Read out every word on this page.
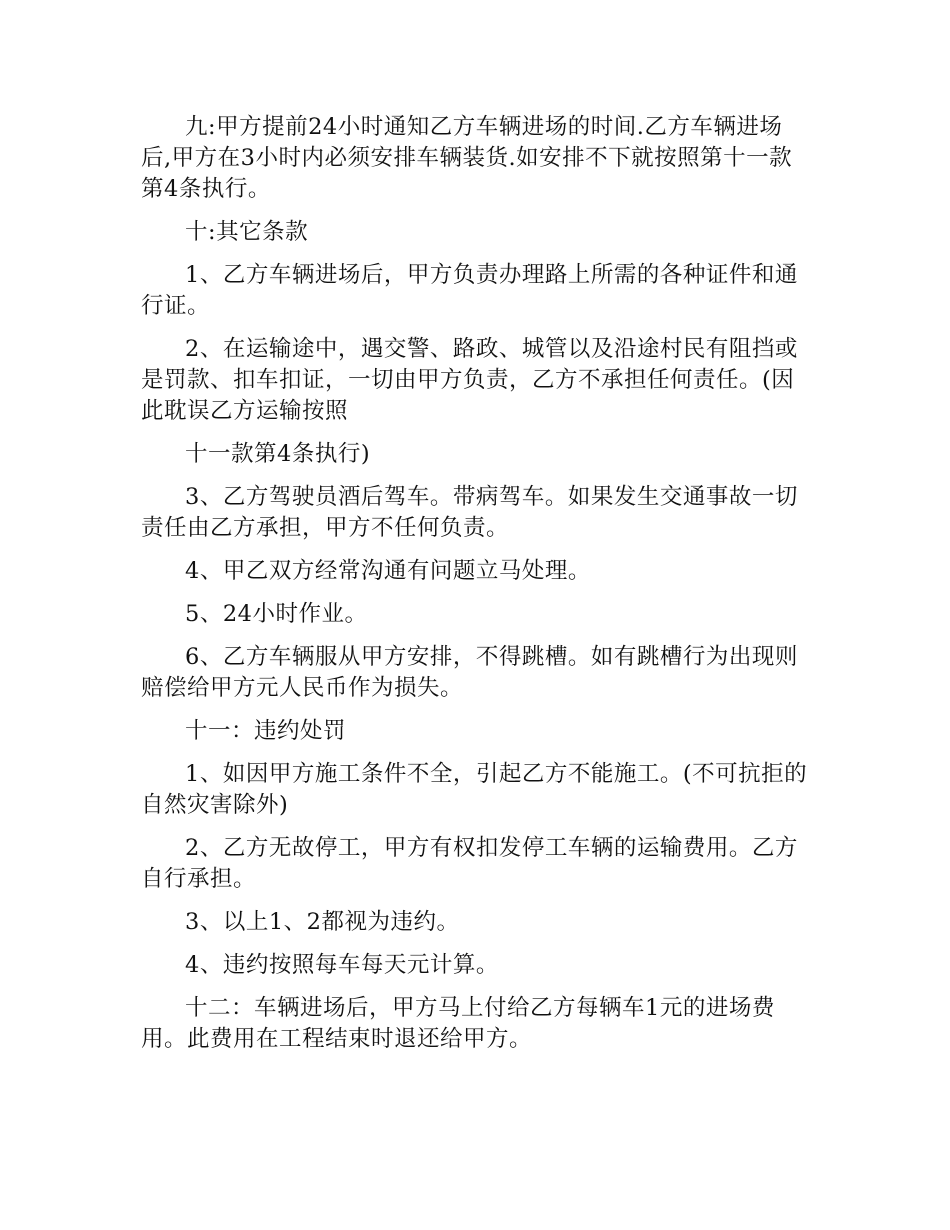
九:甲方提前24小时通知乙方车辆进场的时间.乙方车辆进场后,甲方在3小时内必须安排车辆装货.如安排不下就按照第十一款第4条执行。

十:其它条款

1、乙方车辆进场后，甲方负责办理路上所需的各种证件和通行证。

2、在运输途中，遇交警、路政、城管以及沿途村民有阻挡或是罚款、扣车扣证，一切由甲方负责，乙方不承担任何责任。(因此耽误乙方运输按照

十一款第4条执行)

3、乙方驾驶员酒后驾车。带病驾车。如果发生交通事故一切责任由乙方承担，甲方不任何负责。

4、甲乙双方经常沟通有问题立马处理。

5、24小时作业。

6、乙方车辆服从甲方安排，不得跳槽。如有跳槽行为出现则赔偿给甲方元人民币作为损失。

十一：违约处罚

1、如因甲方施工条件不全，引起乙方不能施工。(不可抗拒的自然灾害除外)

2、乙方无故停工，甲方有权扣发停工车辆的运输费用。乙方自行承担。

3、以上1、2都视为违约。

4、违约按照每车每天元计算。

十二：车辆进场后，甲方马上付给乙方每辆车1元的进场费用。此费用在工程结束时退还给甲方。
